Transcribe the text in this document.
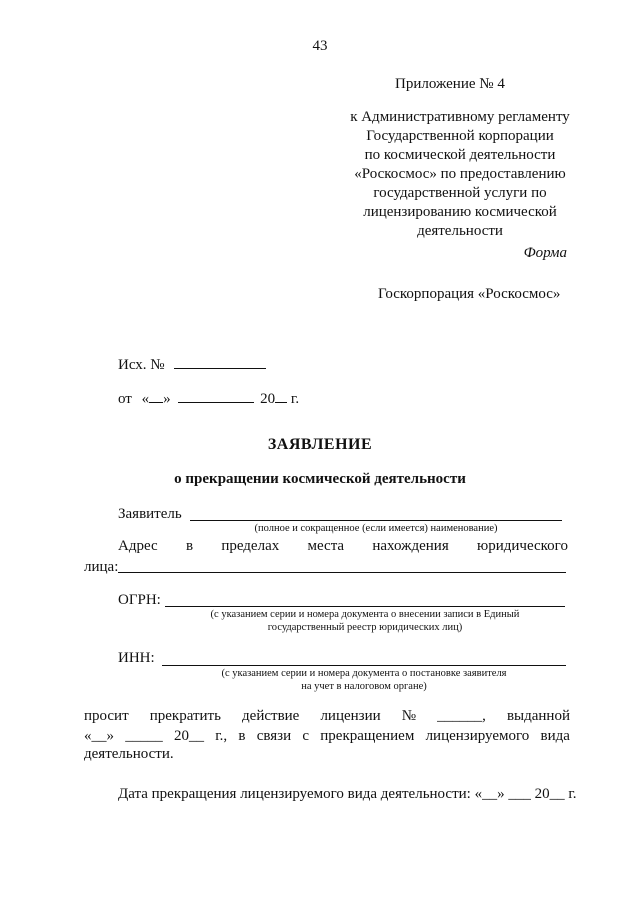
43
Приложение № 4
к Административному регламенту
Государственной корпорации
по космической деятельности
«Роскосмос» по предоставлению
государственной услуги по
лицензированию космической
деятельности
Форма
Госкорпорация «Роскосмос»
Исх. №
от « »	20 г.
ЗАЯВЛЕНИЕ
о прекращении космической деятельности
Заявитель
(полное и сокращенное (если имеется) наименование)
Адрес в пределах места нахождения юридического
лица:
ОГРН:
(с указанием серии и номера документа о внесении записи в Единый
государственный реестр юридических лиц)
ИНН:
(с указанием серии и номера документа о постановке заявителя
на учет в налоговом органе)
просит прекратить действие лицензии № ______, выданной
«__» _____ 20__ г., в связи с прекращением лицензируемого вида
деятельности.
Дата прекращения лицензируемого вида деятельности: «__» ___ 20__ г.
